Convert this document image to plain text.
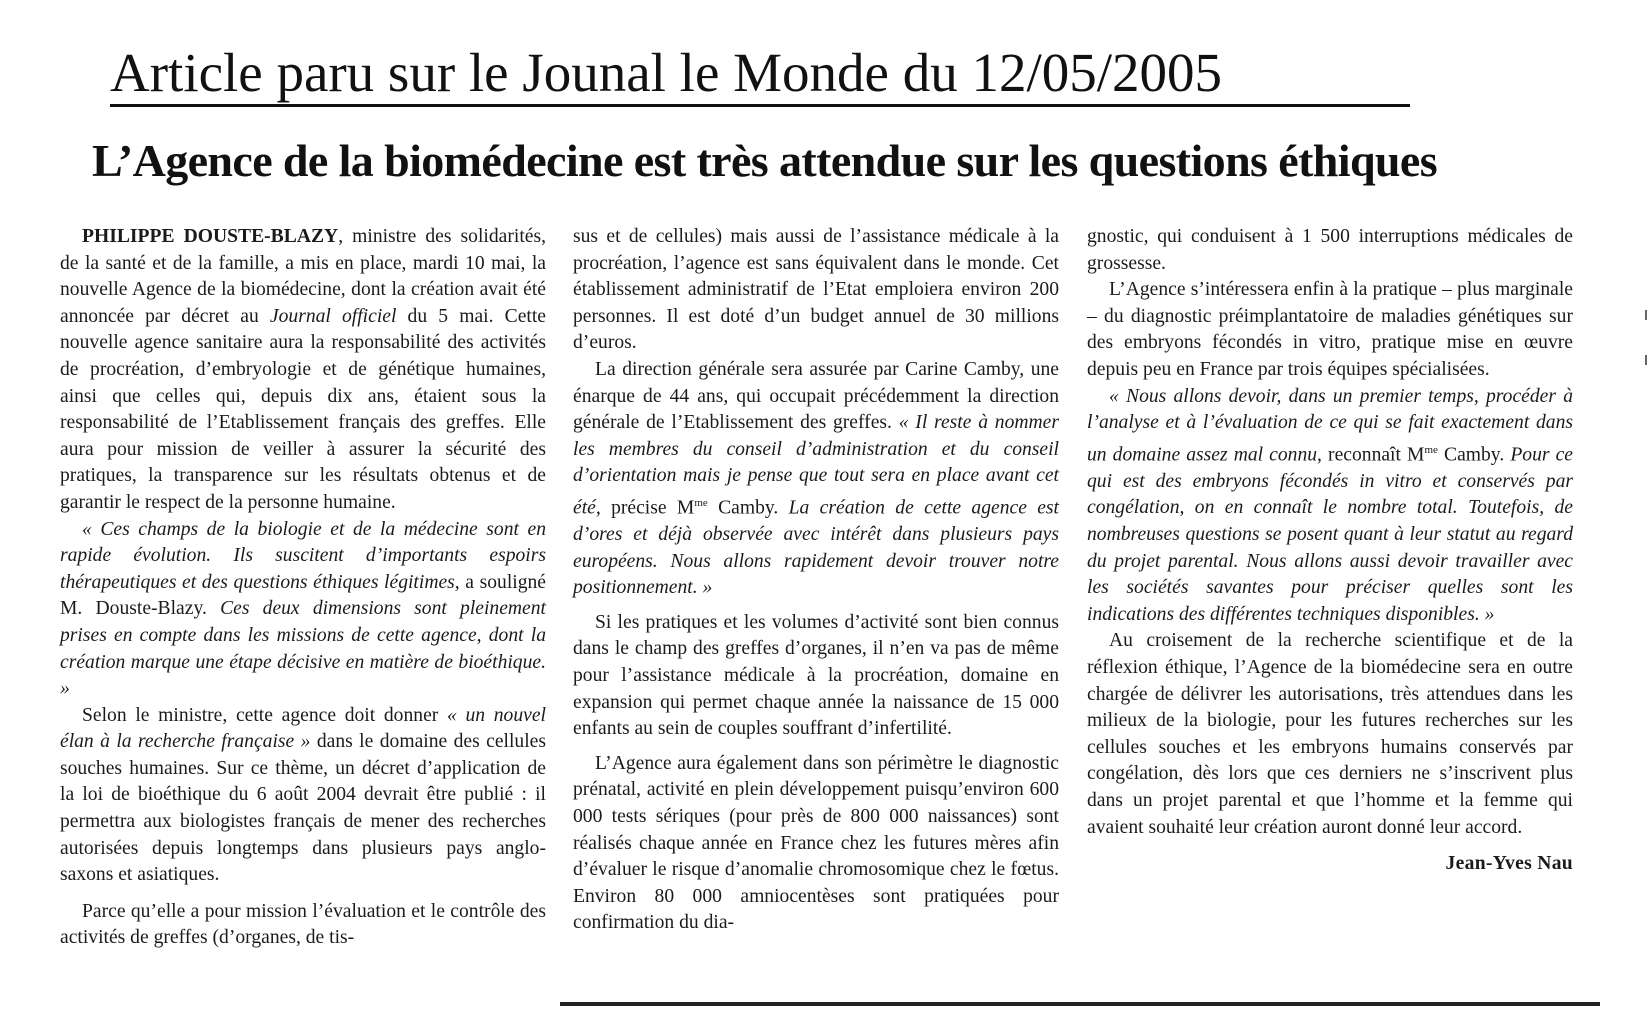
Article paru sur le Jounal le Monde du 12/05/2005
L’Agence de la biomédecine est très attendue sur les questions éthiques

PHILIPPE DOUSTE-BLAZY, ministre des solidarités, de la santé et de la famille, a mis en place, mardi 10 mai, la nouvelle Agence de la biomédecine, dont la création avait été annoncée par décret au Journal officiel du 5 mai. Cette nouvelle agence sanitaire aura la responsabilité des activités de procréation, d’embryologie et de génétique humaines, ainsi que celles qui, depuis dix ans, étaient sous la responsabilité de l’Etablissement français des greffes. Elle aura pour mission de veiller à assurer la sécurité des pratiques, la transparence sur les résultats obtenus et de garantir le respect de la personne humaine.

« Ces champs de la biologie et de la médecine sont en rapide évolution. Ils suscitent d’importants espoirs thérapeutiques et des questions éthiques légitimes, a souligné M. Douste-Blazy. Ces deux dimensions sont pleinement prises en compte dans les missions de cette agence, dont la création marque une étape décisive en matière de bioéthique. »

Selon le ministre, cette agence doit donner « un nouvel élan à la recherche française » dans le domaine des cellules souches humaines. Sur ce thème, un décret d’application de la loi de bioéthique du 6 août 2004 devrait être publié : il permettra aux biologistes français de mener des recherches autorisées depuis longtemps dans plusieurs pays anglo-saxons et asiatiques.

Parce qu’elle a pour mission l’évaluation et le contrôle des activités de greffes (d’organes, de tis-

sus et de cellules) mais aussi de l’assistance médicale à la procréation, l’agence est sans équivalent dans le monde. Cet établissement administratif de l’Etat emploiera environ 200 personnes. Il est doté d’un budget annuel de 30 millions d’euros.

La direction générale sera assurée par Carine Camby, une énarque de 44 ans, qui occupait précédemment la direction générale de l’Etablissement des greffes. « Il reste à nommer les membres du conseil d’administration et du conseil d’orientation mais je pense que tout sera en place avant cet été, précise $M^{me}$ Camby. La création de cette agence est d’ores et déjà observée avec intérêt dans plusieurs pays européens. Nous allons rapidement devoir trouver notre positionnement. »

Si les pratiques et les volumes d’activité sont bien connus dans le champ des greffes d’organes, il n’en va pas de même pour l’assistance médicale à la procréation, domaine en expansion qui permet chaque année la naissance de 15 000 enfants au sein de couples souffrant d’infertilité.

L’Agence aura également dans son périmètre le diagnostic prénatal, activité en plein développement puisqu’environ 600 000 tests sériques (pour près de 800 000 naissances) sont réalisés chaque année en France chez les futures mères afin d’évaluer le risque d’anomalie chromosomique chez le fœtus. Environ 80 000 amniocentèses sont pratiquées pour confirmation du dia-

gnostic, qui conduisent à 1 500 interruptions médicales de grossesse.

L’Agence s’intéressera enfin à la pratique – plus marginale – du diagnostic préimplantatoire de maladies génétiques sur des embryons fécondés in vitro, pratique mise en œuvre depuis peu en France par trois équipes spécialisées.

« Nous allons devoir, dans un premier temps, procéder à l’analyse et à l’évaluation de ce qui se fait exactement dans un domaine assez mal connu, reconnaît $M^{me}$ Camby. Pour ce qui est des embryons fécondés in vitro et conservés par congélation, on en connaît le nombre total. Toutefois, de nombreuses questions se posent quant à leur statut au regard du projet parental. Nous allons aussi devoir travailler avec les sociétés savantes pour préciser quelles sont les indications des différentes techniques disponibles. »

Au croisement de la recherche scientifique et de la réflexion éthique, l’Agence de la biomédecine sera en outre chargée de délivrer les autorisations, très attendues dans les milieux de la biologie, pour les futures recherches sur les cellules souches et les embryons humains conservés par congélation, dès lors que ces derniers ne s’inscrivent plus dans un projet parental et que l’homme et la femme qui avaient souhaité leur création auront donné leur accord.

Jean-Yves Nau
